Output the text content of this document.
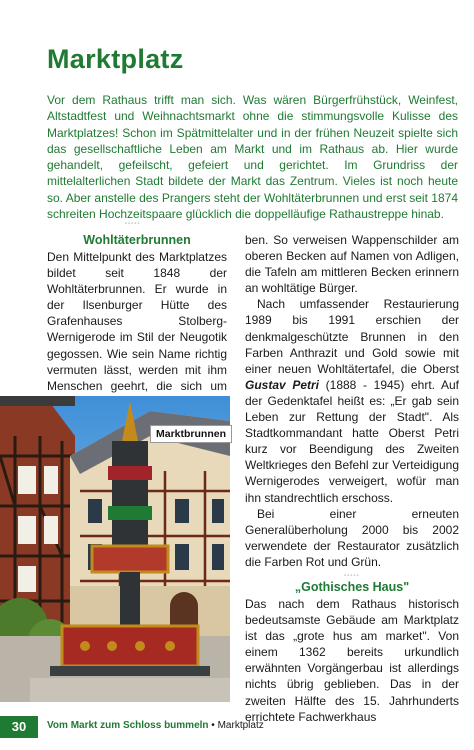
Marktplatz

Vor dem Rathaus trifft man sich. Was wären Bürgerfrühstück, Weinfest, Altstadtfest und Weihnachtsmarkt ohne die stimmungsvolle Kulisse des Marktplatzes! Schon im Spätmittelalter und in der frühen Neuzeit spielte sich das gesellschaftliche Leben am Markt und im Rathaus ab. Hier wurde gehandelt, gefeilscht, gefeiert und gerichtet. Im Grundriss der mittelalterlichen Stadt bildete der Markt das Zentrum. Vieles ist noch heute so. Aber anstelle des Prangers steht der Wohltäterbrunnen und erst seit 1874 schreiten Hochzeitspaare glücklich die doppelläufige Rathaustreppe hinab.

◦◦◦◦◦
Wohltäterbrunnen

Den Mittelpunkt des Marktplatzes bildet seit 1848 der Wohltäterbrunnen. Er wurde in der Ilsenburger Hütte des Grafenhauses Stolberg-Wernigerode im Stil der Neugotik gegossen. Wie sein Name richtig vermuten lässt, werden mit ihm Menschen geehrt, die sich um

Marktbrunnen

ben. So verweisen Wappenschilder am oberen Becken auf Namen von Adligen, die Tafeln am mittleren Becken erinnern an wohltätige Bürger.

Nach umfassender Restaurierung 1989 bis 1991 erschien der denkmalgeschützte Brunnen in den Farben Anthrazit und Gold sowie mit einer neuen Wohltätertafel, die Oberst Gustav Petri (1888 - 1945) ehrt. Auf der Gedenktafel heißt es: „Er gab sein Leben zur Rettung der Stadt". Als Stadtkommandant hatte Oberst Petri kurz vor Beendigung des Zweiten Weltkrieges den Befehl zur Verteidigung Wernigerodes verweigert, wofür man ihn standrechtlich erschoss.

Bei einer erneuten Generalüberholung 2000 bis 2002 verwendete der Restaurator zusätzlich die Farben Rot und Grün.

◦◦◦◦◦
„Gothisches Haus"

Das nach dem Rathaus historisch bedeutsamste Gebäude am Marktplatz ist das „grote hus am market". Von einem 1362 bereits urkundlich erwähnten Vorgängerbau ist allerdings nichts übrig geblieben. Das in der zweiten Hälfte des 15. Jahrhunderts errichtete Fachwerkhaus

30	Vom Markt zum Schloss bummeln • Marktplatz
